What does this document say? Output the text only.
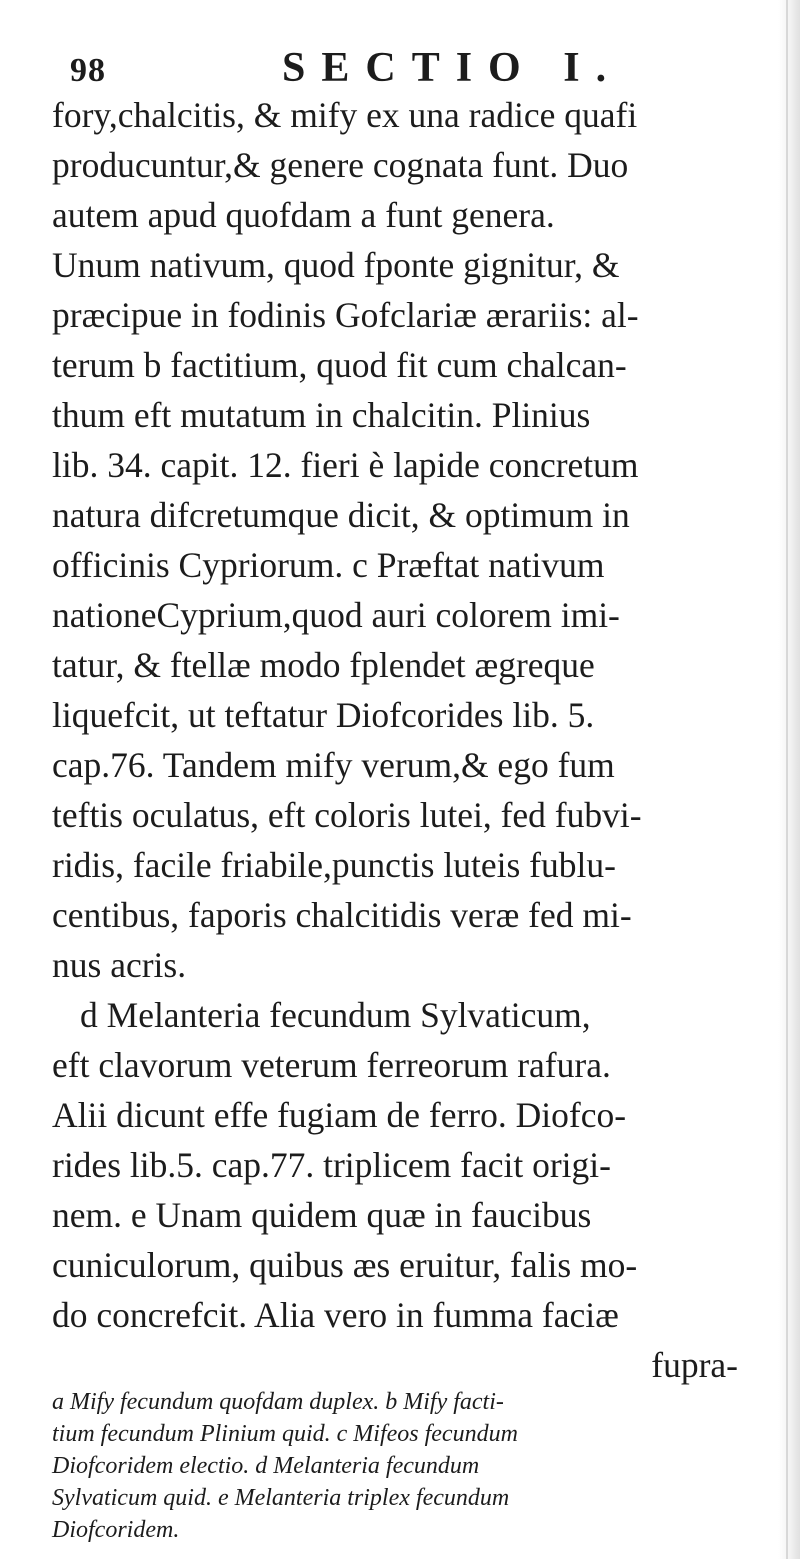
98	SECTIO I.
fory,chalcitis, & mify ex una radice quafi
producuntur,& genere cognata funt. Duo
autem apud quofdam a funt genera.
Unum nativum, quod fponte gignitur, &
præcipue in fodinis Gofclariæ ærariis: al-
terum b factitium, quod fit cum chalcan-
thum eft mutatum in chalcitin. Plinius
lib. 34. capit. 12. fieri è lapide concretum
natura difcretumque dicit, & optimum in
officinis Cypriorum. c Præftat nativum
nationeCyprium,quod auri colorem imi-
tatur, & ftellæ modo fplendet ægreque
liquefcit, ut teftatur Diofcorides lib. 5.
cap.76. Tandem mify verum,& ego fum
teftis oculatus, eft coloris lutei, fed fubvi-
ridis, facile friabile,punctis luteis fublu-
centibus, faporis chalcitidis veræ fed mi-
nus acris.
d Melanteria fecundum Sylvaticum,
eft clavorum veterum ferreorum rafura.
Alii dicunt effe fugiam de ferro. Diofco-
rides lib.5. cap.77. triplicem facit origi-
nem. e Unam quidem quæ in faucibus
cuniculorum, quibus æs eruitur, falis mo-
do concrefcit. Alia vero in fumma faciæ
fupra-
a Mify fecundum quofdam duplex. b Mify facti-
tium fecundum Plinium quid. c Mifeos fecundum
Diofcoridem electio. d Melanteria fecundum
Sylvaticum quid. e Melanteria triplex fecundum
Diofcoridem.
